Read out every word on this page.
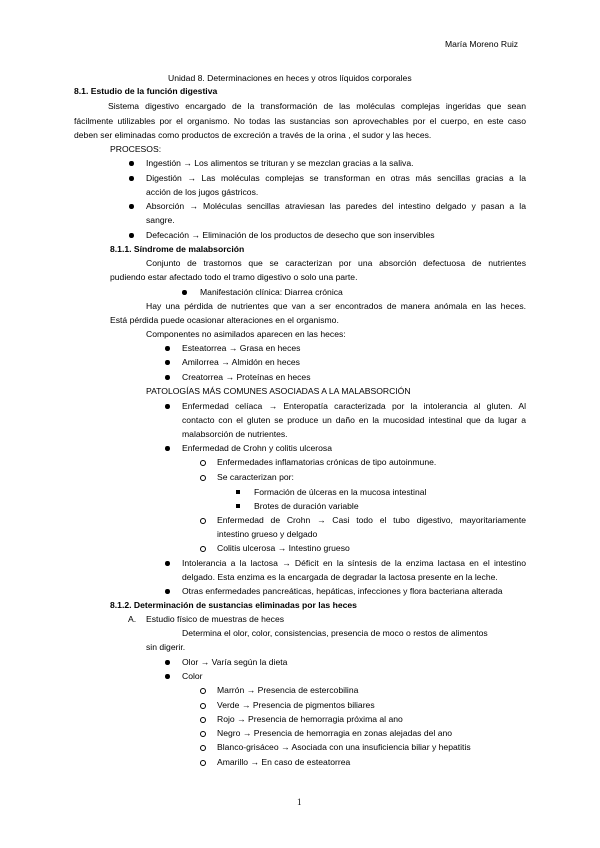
María Moreno Ruiz
Unidad 8. Determinaciones en heces y otros líquidos corporales
8.1. Estudio de la función digestiva
Sistema digestivo encargado de la transformación de las moléculas complejas ingeridas que sean
fácilmente utilizables por el organismo. No todas las sustancias son aprovechables por el cuerpo, en este caso
deben ser eliminadas como productos de excreción a través de la orina , el sudor y las heces.
PROCESOS:
Ingestión → Los alimentos se trituran y se mezclan gracias a la saliva.
Digestión → Las moléculas complejas se transforman en otras más sencillas gracias a la
acción de los jugos gástricos.
Absorción → Moléculas sencillas atraviesan las paredes del intestino delgado y pasan a la
sangre.
Defecación → Eliminación de los productos de desecho que son inservibles
8.1.1. Síndrome de malabsorción
Conjunto de trastornos que se caracterizan por una absorción defectuosa de nutrientes
pudiendo estar afectado todo el tramo digestivo o solo una parte.
Manifestación clínica: Diarrea crónica
Hay una pérdida de nutrientes que van a ser encontrados de manera anómala en las heces.
Está pérdida puede ocasionar alteraciones en el organismo.
Componentes no asimilados aparecen en las heces:
Esteatorrea → Grasa en heces
Amilorrea → Almidón en heces
Creatorrea → Proteínas en heces
PATOLOGÍAS MÁS COMUNES ASOCIADAS A LA MALABSORCIÓN
Enfermedad celíaca → Enteropatía caracterizada por la intolerancia al gluten. Al
contacto con el gluten se produce un daño en la mucosidad intestinal que da lugar a
malabsorción de nutrientes.
Enfermedad de Crohn y colitis ulcerosa
Enfermedades inflamatorias crónicas de tipo autoinmune.
Se caracterizan por:
Formación de úlceras en la mucosa intestinal
Brotes de duración variable
Enfermedad de Crohn → Casi todo el tubo digestivo, mayoritariamente
intestino grueso y delgado
Colitis ulcerosa → Intestino grueso
Intolerancia a la lactosa → Déficit en la síntesis de la enzima lactasa en el intestino
delgado. Esta enzima es la encargada de degradar la lactosa presente en la leche.
Otras enfermedades pancreáticas, hepáticas, infecciones y flora bacteriana alterada
8.1.2. Determinación de sustancias eliminadas por las heces
A. Estudio físico de muestras de heces
Determina el olor, color, consistencias, presencia de moco o restos de alimentos
sin digerir.
Olor → Varía según la dieta
Color
Marrón → Presencia de estercobilina
Verde → Presencia de pigmentos biliares
Rojo → Presencia de hemorragia próxima al ano
Negro → Presencia de hemorragia en zonas alejadas del ano
Blanco-grisáceo → Asociada con una insuficiencia biliar y hepatitis
Amarillo → En caso de esteatorrea
1
